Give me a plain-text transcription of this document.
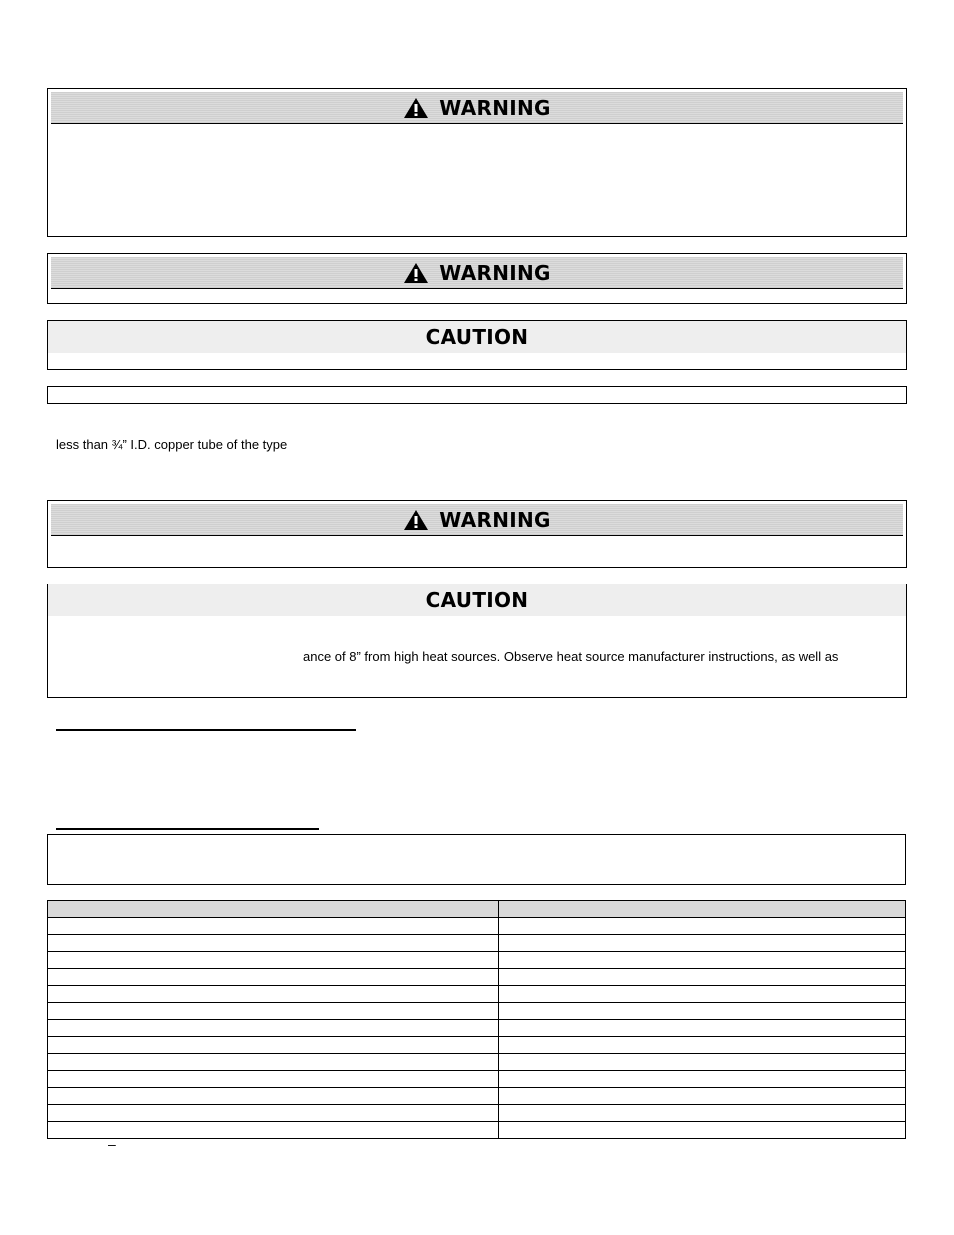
WARNING
WARNING
CAUTION
less than ¾” I.D. copper tube of the type
WARNING
CAUTION
ance of 8” from high heat sources. Observe heat source manufacturer instructions, as well as
–
